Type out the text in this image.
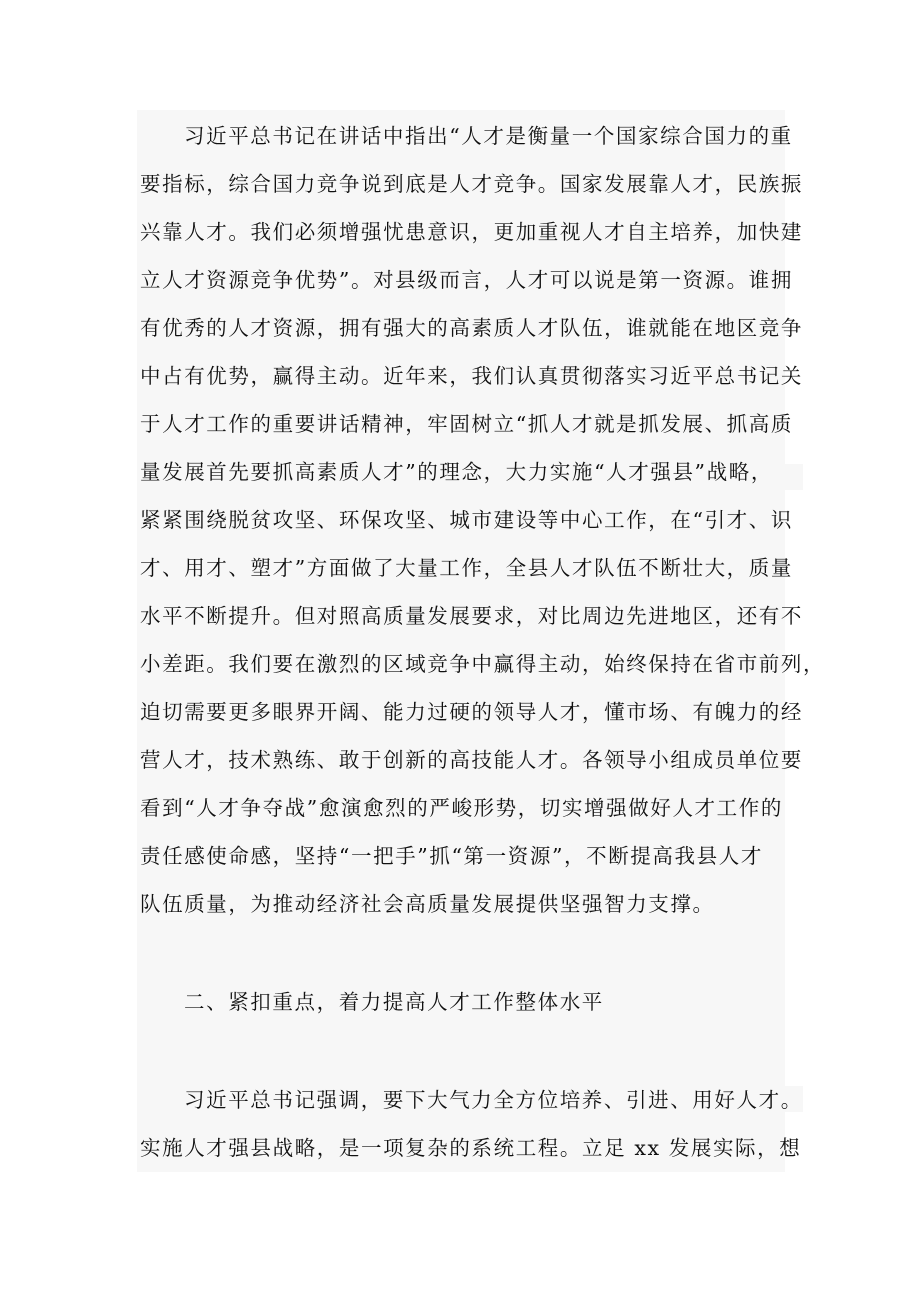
习近平总书记在讲话中指出“人才是衡量一个国家综合国力的重
要指标，综合国力竞争说到底是人才竞争。国家发展靠人才，民族振
兴靠人才。我们必须增强忧患意识，更加重视人才自主培养，加快建
立人才资源竞争优势”。对县级而言，人才可以说是第一资源。谁拥
有优秀的人才资源，拥有强大的高素质人才队伍，谁就能在地区竞争
中占有优势，赢得主动。近年来，我们认真贯彻落实习近平总书记关
于人才工作的重要讲话精神，牢固树立“抓人才就是抓发展、抓高质
量发展首先要抓高素质人才”的理念，大力实施“人才强县”战略，
紧紧围绕脱贫攻坚、环保攻坚、城市建设等中心工作，在“引才、识
才、用才、塑才”方面做了大量工作，全县人才队伍不断壮大，质量
水平不断提升。但对照高质量发展要求，对比周边先进地区，还有不
小差距。我们要在激烈的区域竞争中赢得主动，始终保持在省市前列，
迫切需要更多眼界开阔、能力过硬的领导人才，懂市场、有魄力的经
营人才，技术熟练、敢于创新的高技能人才。各领导小组成员单位要
看到“人才争夺战”愈演愈烈的严峻形势，切实增强做好人才工作的
责任感使命感，坚持“一把手”抓“第一资源”，不断提高我县人才
队伍质量，为推动经济社会高质量发展提供坚强智力支撑。
二、紧扣重点，着力提高人才工作整体水平
习近平总书记强调，要下大气力全方位培养、引进、用好人才。
实施人才强县战略，是一项复杂的系统工程。立足 xx 发展实际，想
